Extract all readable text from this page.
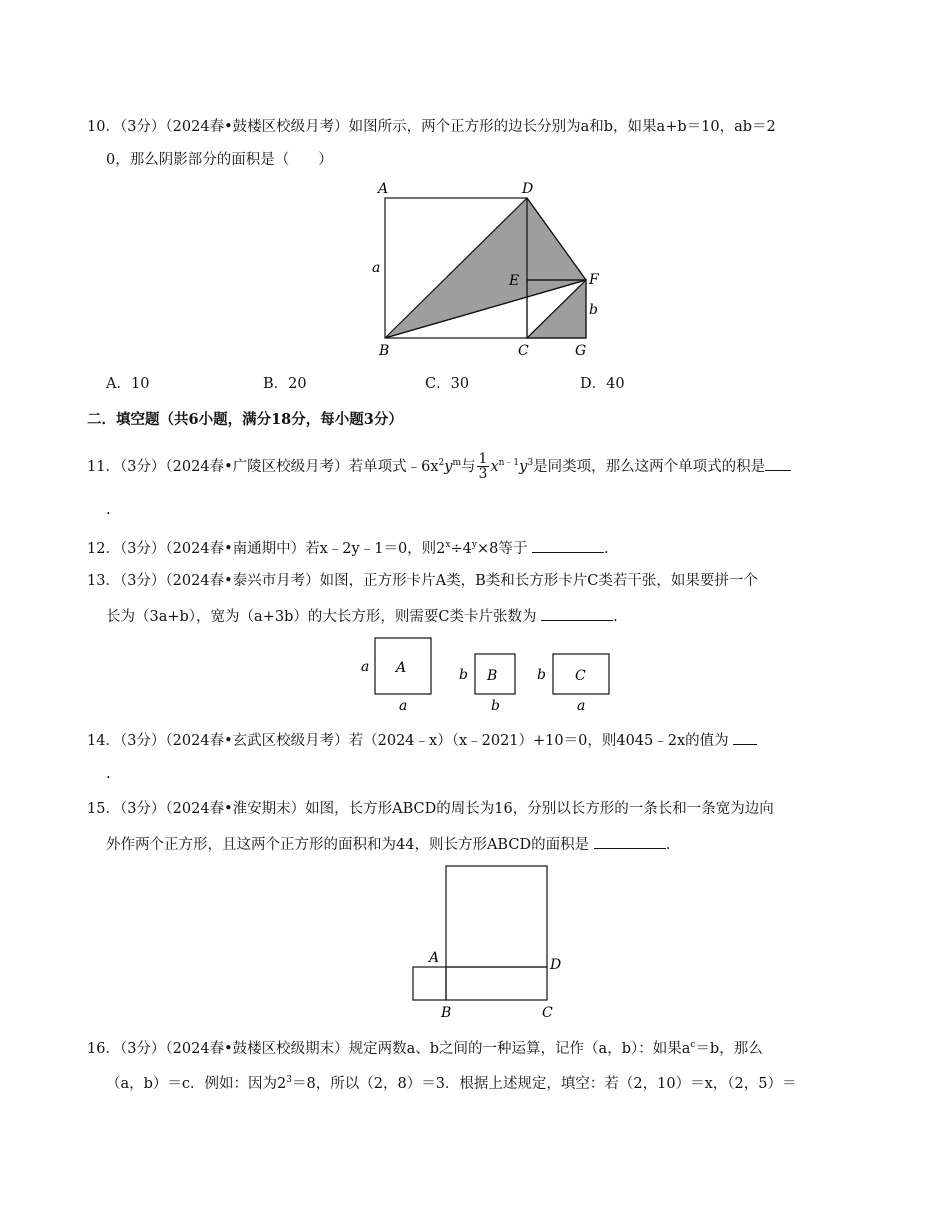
10．（3分）（2024春•鼓楼区校级月考）如图所示，两个正方形的边长分别为a和b，如果a+b＝10，ab＝2
0，那么阴影部分的面积是（　　）
A	D
a
E	F
b
B	C	G
A．10	B．20	C．30	D．40
二．填空题（共6小题，满分18分，每小题3分）
11．（3分）（2024春•广陵区校级月考）若单项式$﹣6x^2y^m$与 $\frac{1}{3} x^{n﹣1}y^3$是同类项，那么这两个单项式的积是
.
12．（3分）（2024春•南通期中）若x﹣2y﹣1＝0，则$2^x\div 4^y\times 8$等于	.
13．（3分）（2024春•泰兴市月考）如图，正方形卡片A类，B类和长方形卡片C类若干张，如果要拼一个
长为（3a+b），宽为（a+3b）的大长方形，则需要C类卡片张数为	.
a A
a
b B
b
b C
a
14．（3分）（2024春•玄武区校级月考）若（2024﹣x）（x﹣2021）+10＝0，则4045﹣2x的值为
.
15．（3分）（2024春•淮安期末）如图，长方形ABCD的周长为16，分别以长方形的一条长和一条宽为边向
外作两个正方形，且这两个正方形的面积和为44，则长方形ABCD的面积是	.
A	D
B	C
16．（3分）（2024春•鼓楼区校级期末）规定两数a、b之间的一种运算，记作（a，b）：如果$a^c=b$，那么
（a，b）＝c．例如：因为$2^3=8$，所以（2，8）＝3．根据上述规定，填空：若（2，10）＝x，（2，5）＝
